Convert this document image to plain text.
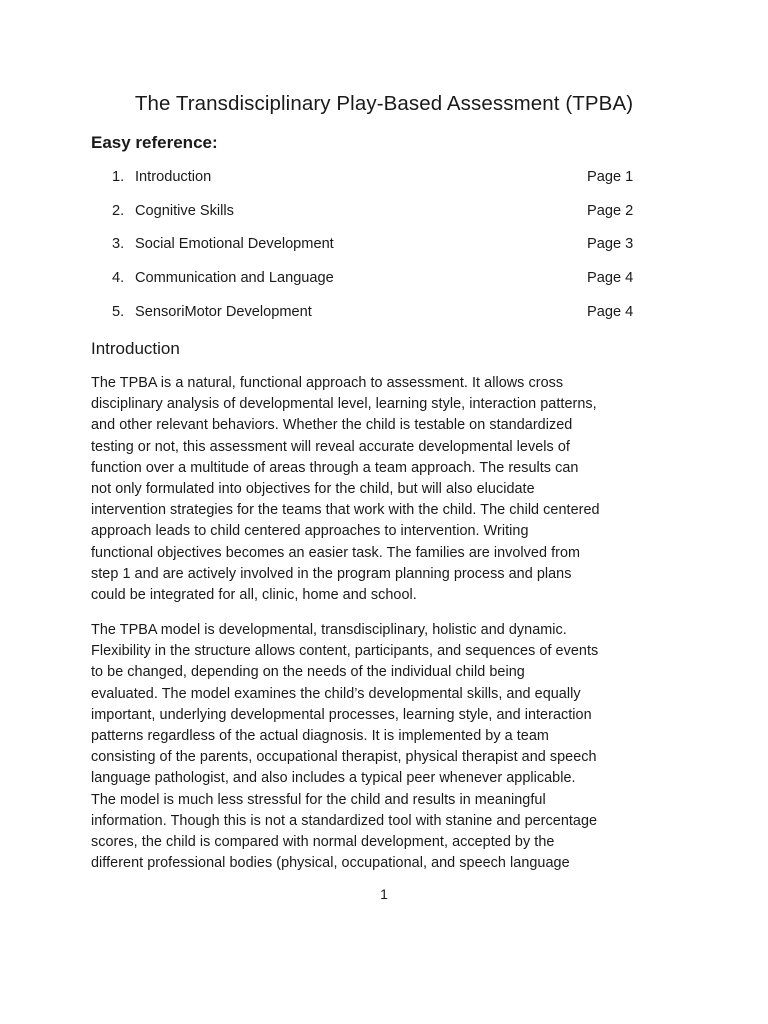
The Transdisciplinary Play-Based Assessment (TPBA)
Easy reference:
1. Introduction	Page 1
2. Cognitive Skills	Page 2
3. Social Emotional Development	Page 3
4. Communication and Language	Page 4
5. SensoriMotor Development	Page 4
Introduction

The TPBA is a natural, functional approach to assessment. It allows cross
disciplinary analysis of developmental level, learning style, interaction patterns,
and other relevant behaviors. Whether the child is testable on standardized
testing or not, this assessment will reveal accurate developmental levels of
function over a multitude of areas through a team approach. The results can
not only formulated into objectives for the child, but will also elucidate
intervention strategies for the teams that work with the child. The child centered
approach leads to child centered approaches to intervention. Writing
functional objectives becomes an easier task. The families are involved from
step 1 and are actively involved in the program planning process and plans
could be integrated for all, clinic, home and school.

The TPBA model is developmental, transdisciplinary, holistic and dynamic.
Flexibility in the structure allows content, participants, and sequences of events
to be changed, depending on the needs of the individual child being
evaluated. The model examines the child’s developmental skills, and equally
important, underlying developmental processes, learning style, and interaction
patterns regardless of the actual diagnosis. It is implemented by a team
consisting of the parents, occupational therapist, physical therapist and speech
language pathologist, and also includes a typical peer whenever applicable.
The model is much less stressful for the child and results in meaningful
information. Though this is not a standardized tool with stanine and percentage
scores, the child is compared with normal development, accepted by the
different professional bodies (physical, occupational, and speech language

1
